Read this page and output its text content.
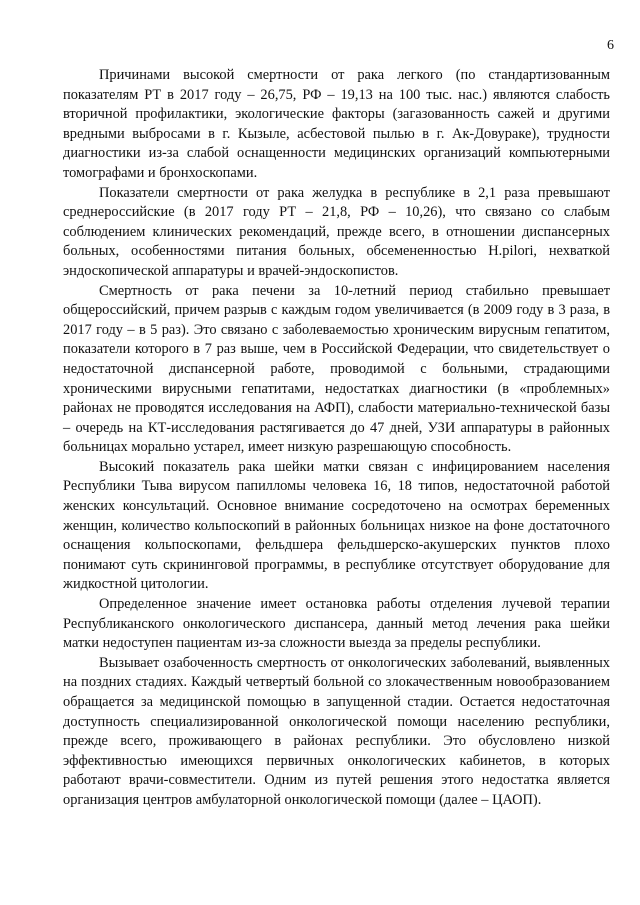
6

Причинами высокой смертности от рака легкого (по стандартизованным показателям РТ в 2017 году – 26,75, РФ – 19,13 на 100 тыс. нас.) являются слабость вторичной профилактики, экологические факторы (загазованность сажей и другими вредными выбросами в г. Кызыле, асбестовой пылью в г. Ак-Довураке), трудности диагностики из-за слабой оснащенности медицинских организаций компьютерными томографами и бронхоскопами.

Показатели смертности от рака желудка в республике в 2,1 раза превышают среднероссийские (в 2017 году РТ – 21,8, РФ – 10,26), что связано со слабым соблюдением клинических рекомендаций, прежде всего, в отношении диспансерных больных, особенностями питания больных, обсемененностью H.pilori, нехваткой эндоскопической аппаратуры и врачей-эндоскопистов.

Смертность от рака печени за 10-летний период стабильно превышает общероссийский, причем разрыв с каждым годом увеличивается (в 2009 году в 3 раза, в 2017 году – в 5 раз). Это связано с заболеваемостью хроническим вирусным гепатитом, показатели которого в 7 раз выше, чем в Российской Федерации, что свидетельствует о недостаточной диспансерной работе, проводимой с больными, страдающими хроническими вирусными гепатитами, недостатках диагностики (в «проблемных» районах не проводятся исследования на АФП), слабости материально-технической базы – очередь на КТ-исследования растягивается до 47 дней, УЗИ аппаратуры в районных больницах морально устарел, имеет низкую разрешающую способность.

Высокий показатель рака шейки матки связан с инфицированием населения Республики Тыва вирусом папилломы человека 16, 18 типов, недостаточной работой женских консультаций. Основное внимание сосредоточено на осмотрах беременных женщин, количество кольпоскопий в районных больницах низкое на фоне достаточного оснащения кольпоскопами, фельдшера фельдшерско-акушерских пунктов плохо понимают суть скрининговой программы, в республике отсутствует оборудование для жидкостной цитологии.

Определенное значение имеет остановка работы отделения лучевой терапии Республиканского онкологического диспансера, данный метод лечения рака шейки матки недоступен пациентам из-за сложности выезда за пределы республики.

Вызывает озабоченность смертность от онкологических заболеваний, выявленных на поздних стадиях. Каждый четвертый больной со злокачественным новообразованием обращается за медицинской помощью в запущенной стадии. Остается недостаточная доступность специализированной онкологической помощи населению республики, прежде всего, проживающего в районах республики. Это обусловлено низкой эффективностью имеющихся первичных онкологических кабинетов, в которых работают врачи-совместители. Одним из путей решения этого недостатка является организация центров амбулаторной онкологической помощи (далее – ЦАОП).
